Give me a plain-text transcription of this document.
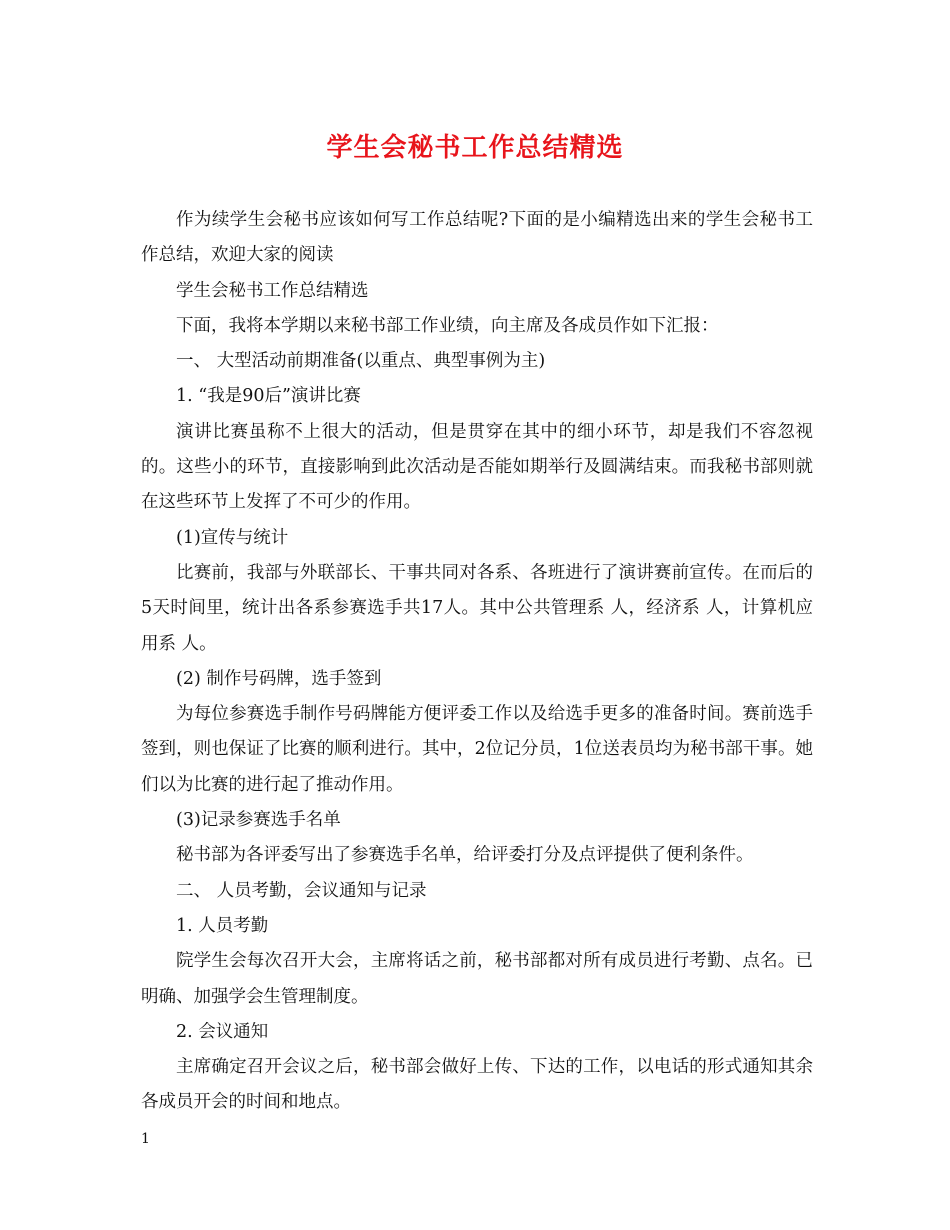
学生会秘书工作总结精选

作为续学生会秘书应该如何写工作总结呢?下面的是小编精选出来的学生会秘书工作总结，欢迎大家的阅读

学生会秘书工作总结精选

下面，我将本学期以来秘书部工作业绩，向主席及各成员作如下汇报：

一、 大型活动前期准备(以重点、典型事例为主)

1. “我是90后”演讲比赛

演讲比赛虽称不上很大的活动，但是贯穿在其中的细小环节，却是我们不容忽视的。这些小的环节，直接影响到此次活动是否能如期举行及圆满结束。而我秘书部则就在这些环节上发挥了不可少的作用。

(1)宣传与统计

比赛前，我部与外联部长、干事共同对各系、各班进行了演讲赛前宣传。在而后的5天时间里，统计出各系参赛选手共17人。其中公共管理系 人，经济系 人，计算机应用系 人。

(2) 制作号码牌，选手签到

为每位参赛选手制作号码牌能方便评委工作以及给选手更多的准备时间。赛前选手签到，则也保证了比赛的顺利进行。其中，2位记分员，1位送表员均为秘书部干事。她们以为比赛的进行起了推动作用。

(3)记录参赛选手名单

秘书部为各评委写出了参赛选手名单，给评委打分及点评提供了便利条件。

二、 人员考勤，会议通知与记录

1. 人员考勤

院学生会每次召开大会，主席将话之前，秘书部都对所有成员进行考勤、点名。已明确、加强学会生管理制度。

2. 会议通知

主席确定召开会议之后，秘书部会做好上传、下达的工作，以电话的形式通知其余各成员开会的时间和地点。

1
